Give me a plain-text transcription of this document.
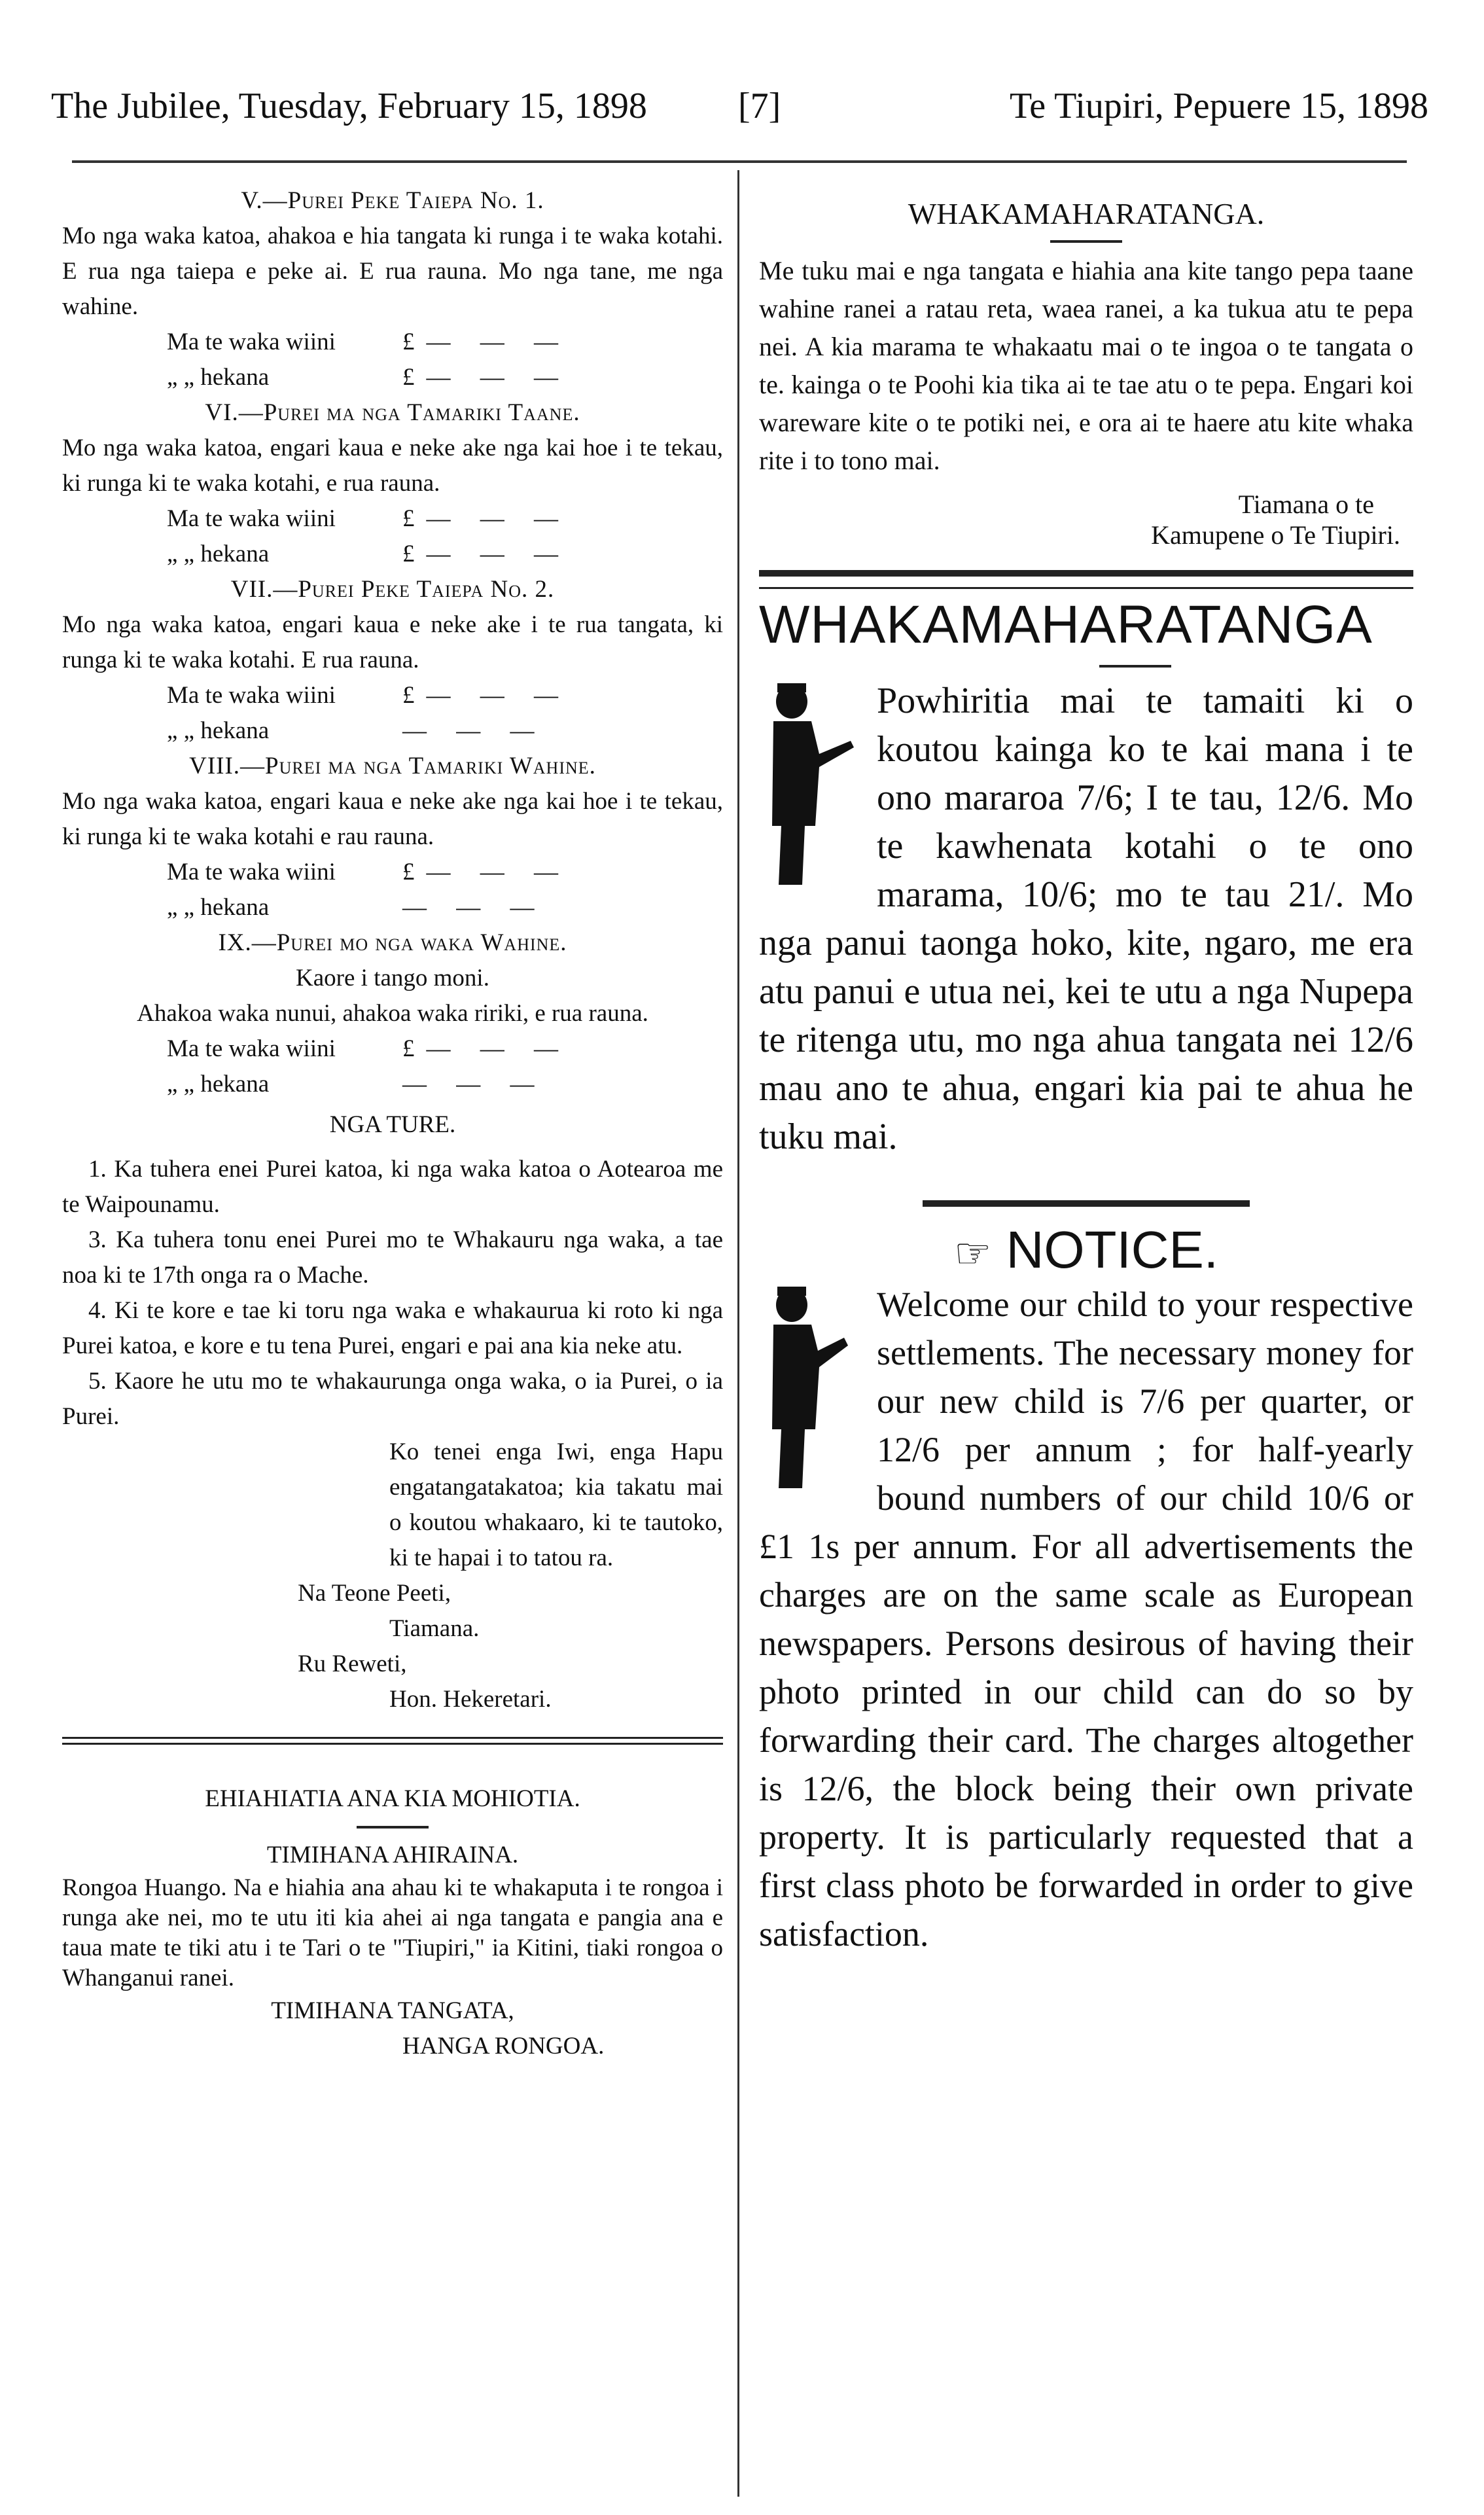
The Jubilee, Tuesday, February 15, 1898 [7]	Te Tiupiri, Pepuere 15, 1898

V.—Purei Peke Taiepa No. 1.

Mo nga waka katoa, ahakoa e hia tangata ki runga i te waka kotahi. E rua nga taiepa e peke ai. E rua rauna. Mo nga tane, me nga wahine.

Ma te waka wiini	£— — —
„ „ hekana	£— — —

VI.—Purei ma nga Tamariki Taane.

Mo nga waka katoa, engari kaua e neke ake nga kai hoe i te tekau, ki runga ki te waka kotahi, e rua rauna.

Ma te waka wiini	£— — —
„ „ hekana	£— — —

VII.—Purei Peke Taiepa No. 2.

Mo nga waka katoa, engari kaua e neke ake i te rua tangata, ki runga ki te waka kotahi. E rua rauna.

Ma te waka wiini	£— — —
„ „ hekana	— — —

VIII.—Purei ma nga Tamariki Wahine.

Mo nga waka katoa, engari kaua e neke ake nga kai hoe i te tekau, ki runga ki te waka kotahi e rau rauna.

Ma te waka wiini	£— — —
„ „ hekana	— — —

IX.—Purei mo nga waka Wahine.

Kaore i tango moni.

Ahakoa waka nunui, ahakoa waka ririki, e rua rauna.

Ma te waka wiini	£— — —
„ „ hekana	— — —

NGA TURE.

1. Ka tuhera enei Purei katoa, ki nga waka katoa o Aotearoa me te Waipounamu.

3. Ka tuhera tonu enei Purei mo te Whakauru nga waka, a tae noa ki te 17th onga ra o Mache.

4. Ki te kore e tae ki toru nga waka e whakaurua ki roto ki nga Purei katoa, e kore e tu tena Purei, engari e pai ana kia neke atu.

5. Kaore he utu mo te whakaurunga onga waka, o ia Purei, o ia Purei.

Ko tenei enga Iwi, enga Hapu engatangatakatoa; kia takatu mai o koutou whakaaro, ki te tautoko, ki te hapai i to tatou ra.

Na Teone Peeti,

Tiamana.

Ru Reweti,

Hon. Hekeretari.

EHIAHIATIA ANA KIA MOHIOTIA.

TIMIHANA AHIRAINA.

Rongoa Huango. Na e hiahia ana ahau ki te whakaputa i te rongoa i runga ake nei, mo te utu iti kia ahei ai nga tangata e pangia ana e taua mate te tiki atu i te Tari o te "Tiupiri," ia Kitini, tiaki rongoa o Whanganui ranei.

TIMIHANA TANGATA,

HANGA RONGOA.

WHAKAMAHARATANGA.

Me tuku mai e nga tangata e hiahia ana kite tango pepa taane wahine ranei a ratau reta, waea ranei, a ka tukua atu te pepa nei. A kia marama te whakaatu mai o te ingoa o te tangata o te. kainga o te Poohi kia tika ai te tae atu o te pepa. Engari koi wareware kite o te potiki nei, e ora ai te haere atu kite whaka rite i to tono mai.

Tiamana o te

Kamupene o Te Tiupiri.

WHAKAMAHARATANGA

Powhiritia mai te tamaiti ki o koutou kainga ko te kai mana i te ono mararoa 7/6; I te tau, 12/6. Mo te kawhenata kotahi o te ono marama, 10/6; mo te tau 21/. Mo nga panui taonga hoko, kite, ngaro, me era atu panui e utua nei, kei te utu a nga Nupepa te ritenga utu, mo nga ahua tangata nei 12/6 mau ano te ahua, engari kia pai te ahua he tuku mai.

☞ NOTICE.

Welcome our child to your respective settlements. The necessary money for our new child is 7/6 per quarter, or 12/6 per annum ; for half-yearly bound numbers of our child 10/6 or £1 1s per annum. For all advertisements the charges are on the same scale as European newspapers. Persons desirous of having their photo printed in our child can do so by forwarding their card. The charges altogether is 12/6, the block being their own private property. It is particularly requested that a first class photo be forwarded in order to give satisfaction.
